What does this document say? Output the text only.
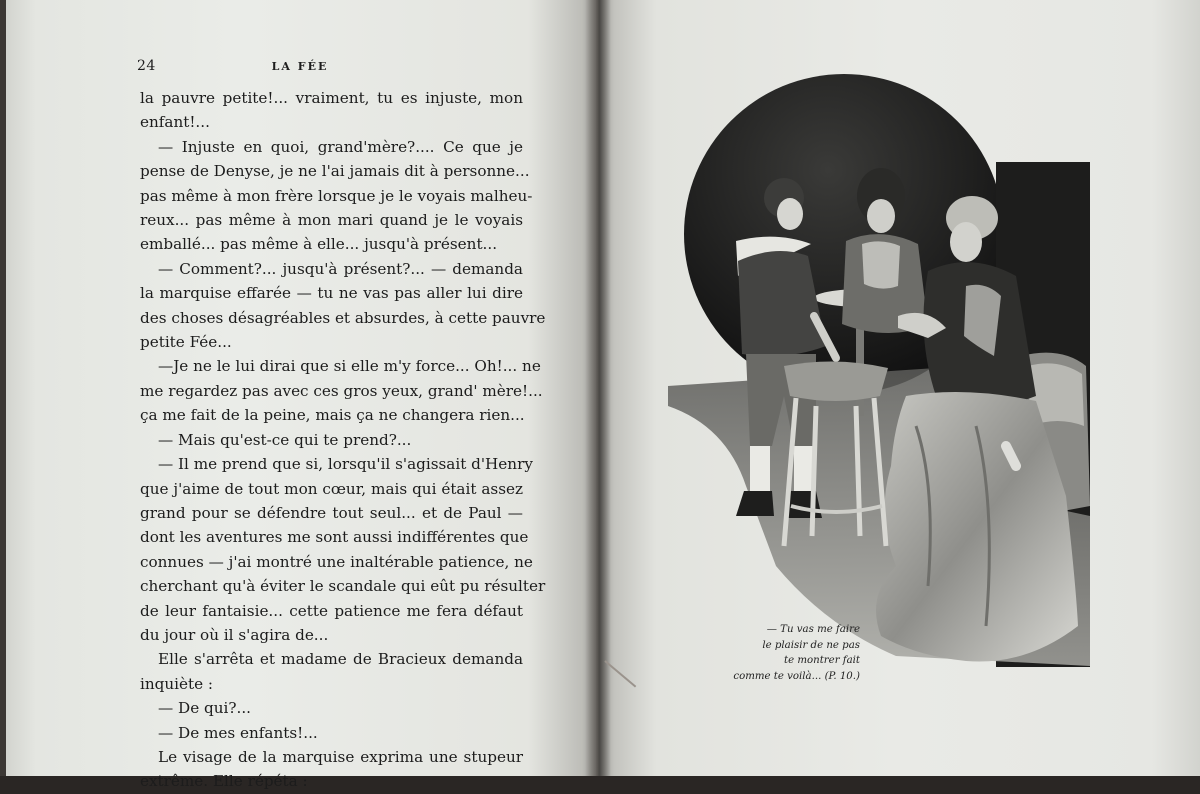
24	LA FÉE
la pauvre petite!... vraiment, tu es injuste, mon
enfant!...
— Injuste en quoi, grand'mère?.... Ce que je
pense de Denyse, je ne l'ai jamais dit à personne...
pas même à mon frère lorsque je le voyais malheu-
reux... pas même à mon mari quand je le voyais
emballé... pas même à elle... jusqu'à présent...
— Comment?... jusqu'à présent?... — demanda
la marquise effarée — tu ne vas pas aller lui dire
des choses désagréables et absurdes, à cette pauvre
petite Fée...
—Je ne le lui dirai que si elle m'y force... Oh!... ne
me regardez pas avec ces gros yeux, grand' mère!...
ça me fait de la peine, mais ça ne changera rien...
— Mais qu'est-ce qui te prend?...
— Il me prend que si, lorsqu'il s'agissait d'Henry
que j'aime de tout mon cœur, mais qui était assez
grand pour se défendre tout seul... et de Paul —
dont les aventures me sont aussi indifférentes que
connues — j'ai montré une inaltérable patience, ne
cherchant qu'à éviter le scandale qui eût pu résulter
de leur fantaisie... cette patience me fera défaut
du jour où il s'agira de...
Elle s'arrêta et madame de Bracieux demanda
inquiète :
— De qui?...
— De mes enfants!...
Le visage de la marquise exprima une stupeur
extrême. Elle répéta :
— Tu vas me faire
le plaisir de ne pas
te montrer fait
comme te voilà... (P. 10.)
